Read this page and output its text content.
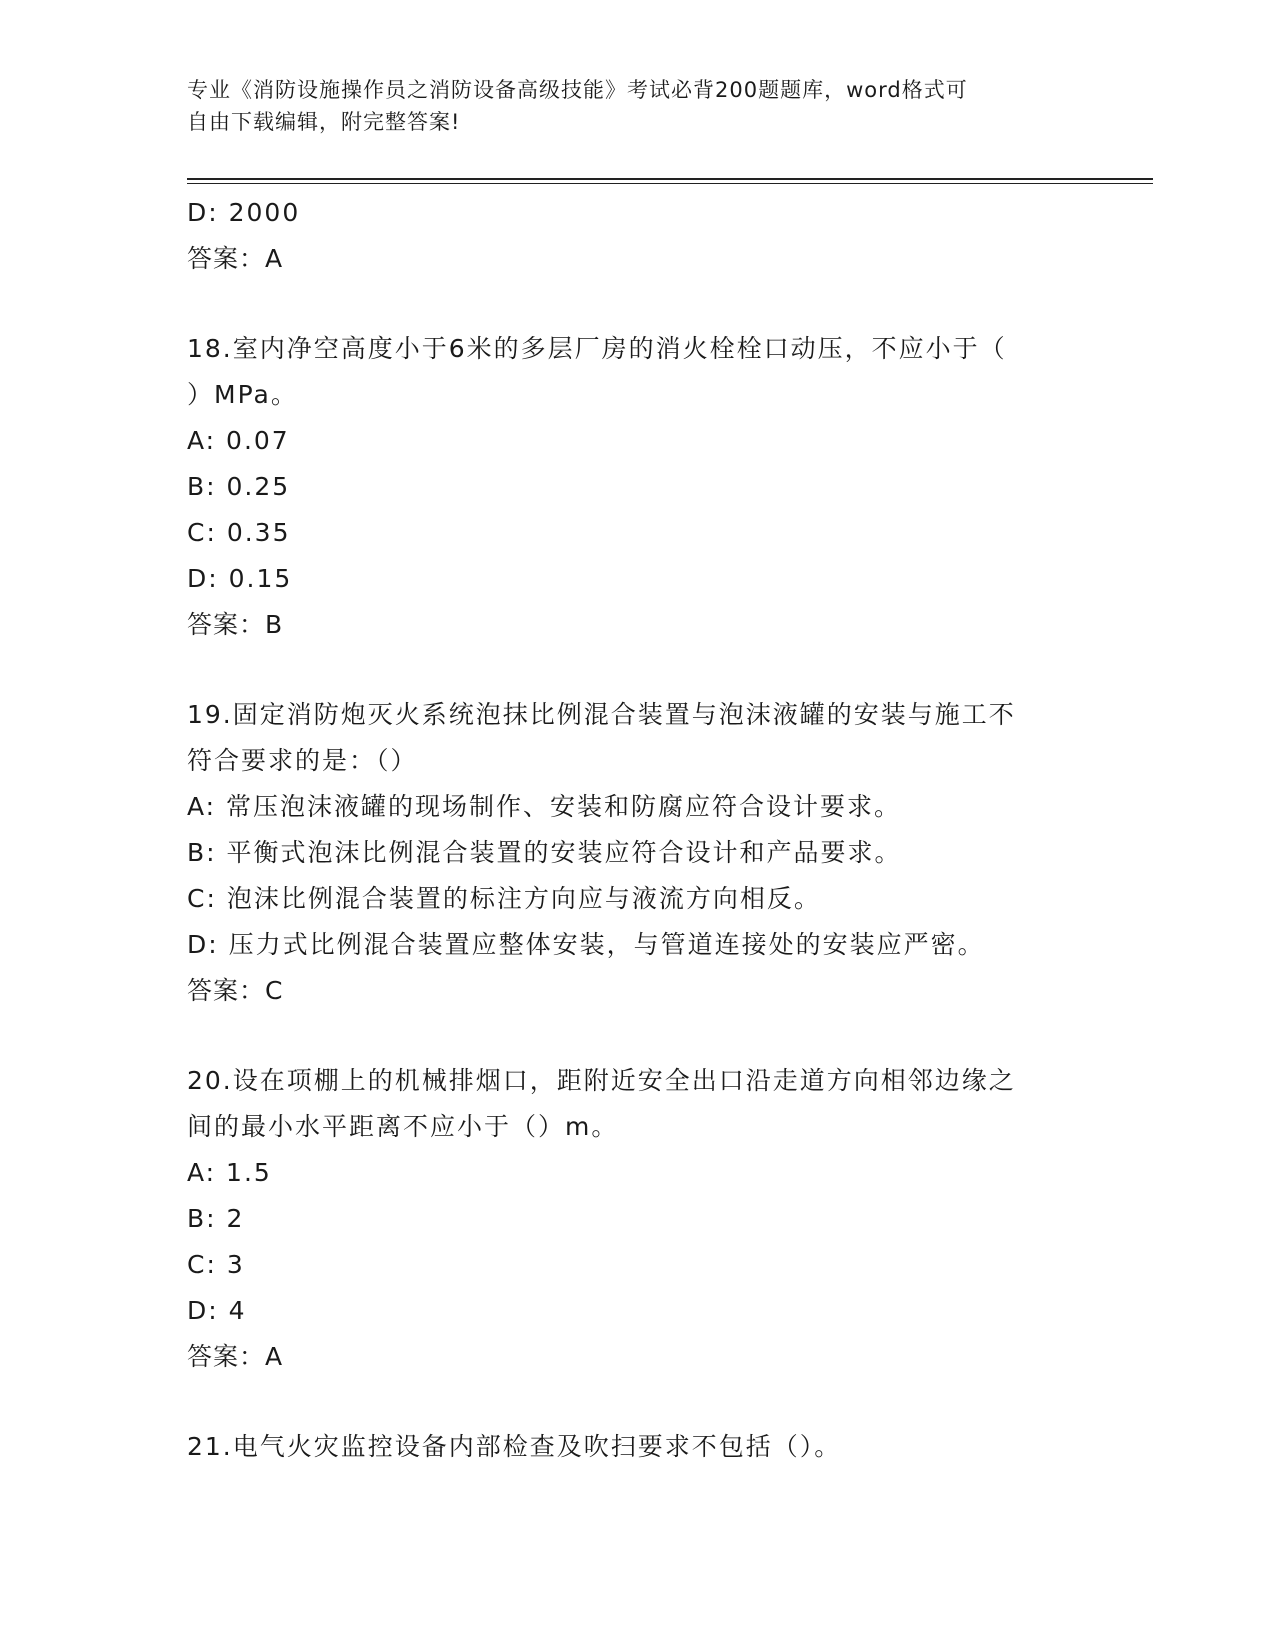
专业《消防设施操作员之消防设备高级技能》考试必背200题题库，word格式可
自由下载编辑，附完整答案!
D: 2000
答案：A
18.室内净空高度小于6米的多层厂房的消火栓栓口动压，不应小于（
）MPa。
A: 0.07
B: 0.25
C: 0.35
D: 0.15
答案：B
19.固定消防炮灭火系统泡抹比例混合装置与泡沫液罐的安装与施工不
符合要求的是：（）
A: 常压泡沫液罐的现场制作、安装和防腐应符合设计要求。
B: 平衡式泡沫比例混合装置的安装应符合设计和产品要求。
C: 泡沫比例混合装置的标注方向应与液流方向相反。
D: 压力式比例混合装置应整体安装，与管道连接处的安装应严密。
答案：C
20.设在项棚上的机械排烟口，距附近安全出口沿走道方向相邻边缘之
间的最小水平距离不应小于（）m。
A: 1.5
B: 2
C: 3
D: 4
答案：A
21.电气火灾监控设备内部检查及吹扫要求不包括（）。
